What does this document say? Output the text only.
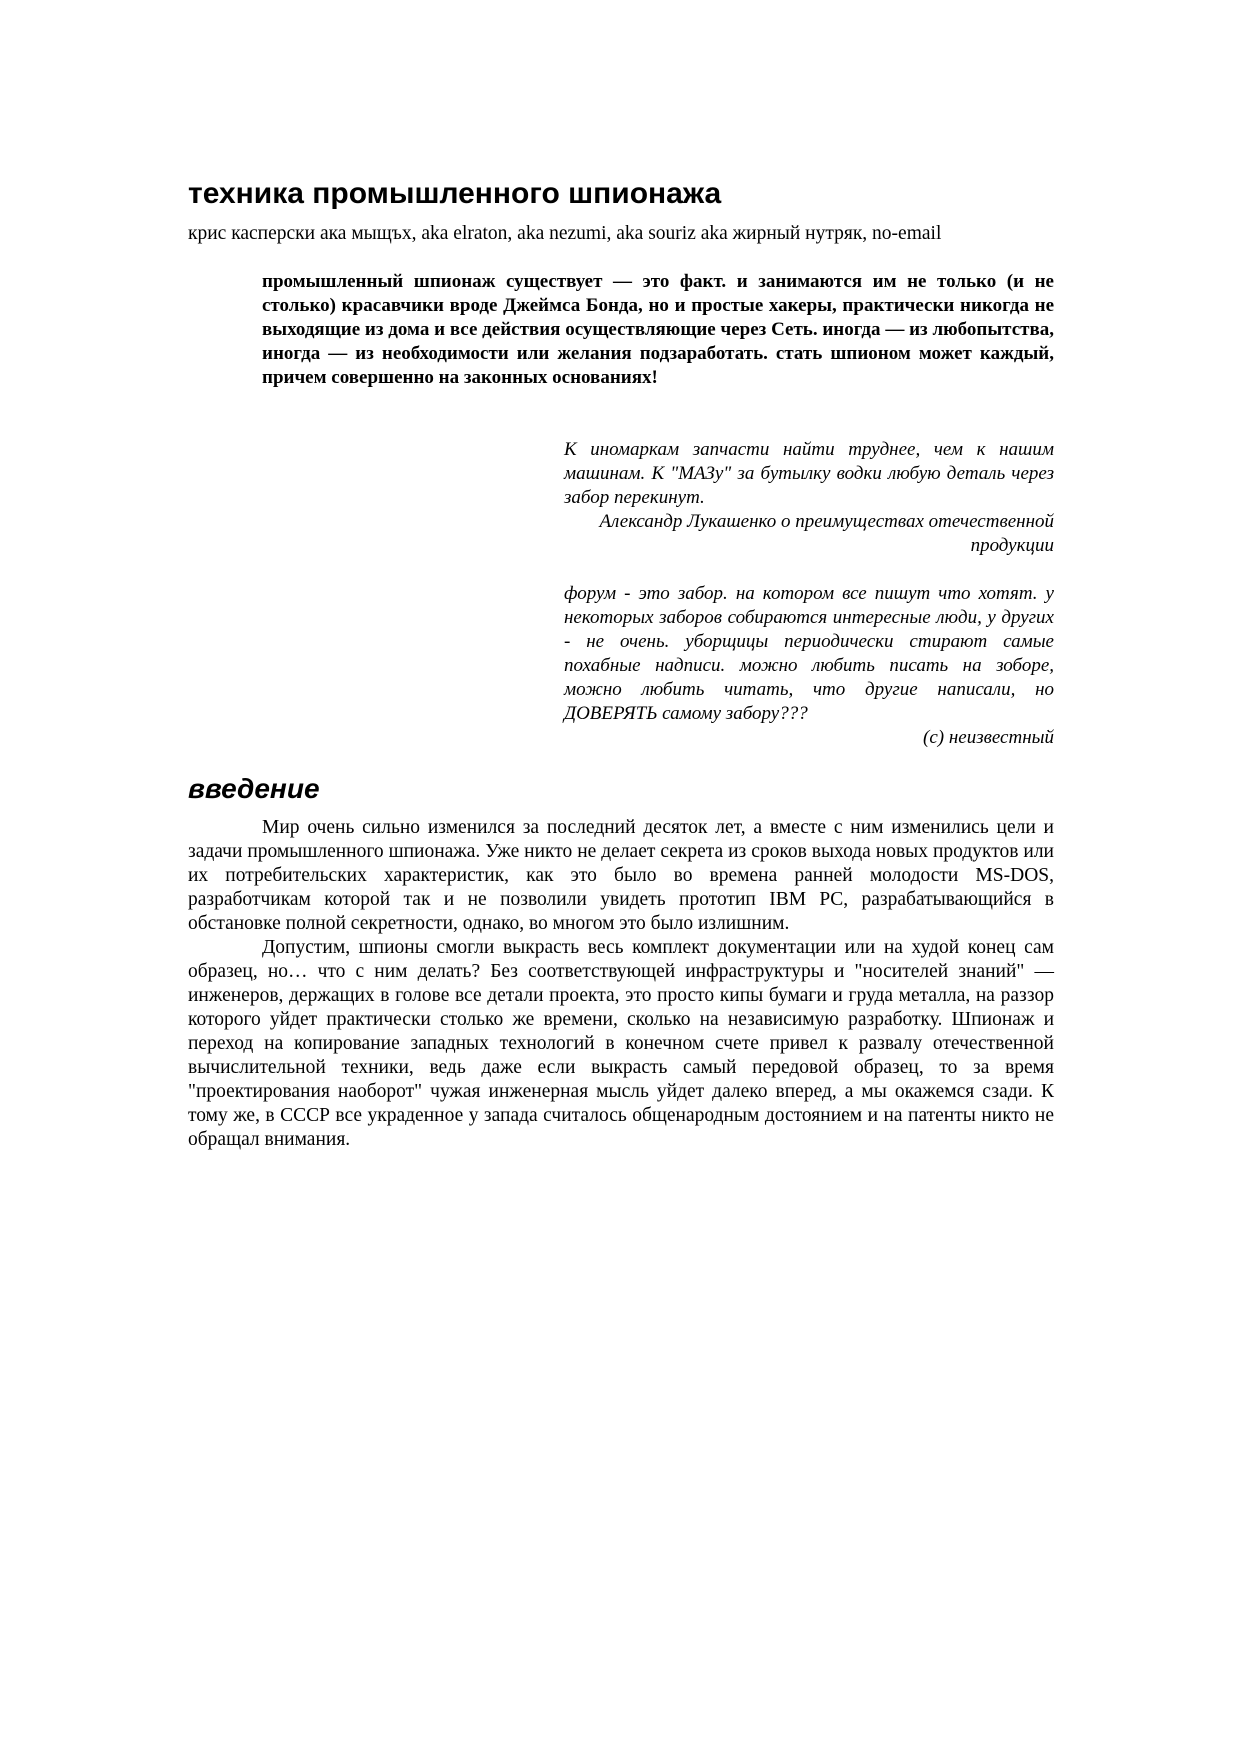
техника промышленного шпионажа

крис касперски ака мыщъх, aka elraton, aka nezumi, aka souriz aka жирный нутряк, no-email

промышленный шпионаж существует — это факт. и занимаются им не только (и не столько) красавчики вроде Джеймса Бонда, но и простые хакеры, практически никогда не выходящие из дома и все действия осуществляющие через Сеть. иногда — из любопытства, иногда — из необходимости или желания подзаработать. стать шпионом может каждый, причем совершенно на законных основаниях!

К иномаркам запчасти найти труднее, чем к нашим машинам. К "МАЗу" за бутылку водки любую деталь через забор перекинут.

Александр Лукашенко о преимуществах отечественной продукции

форум - это забор. на котором все пишут что хотят. у некоторых заборов собираются интересные люди, у других - не очень. уборщицы периодически стирают самые похабные надписи. можно любить писать на зоборе, можно любить читать, что другие написали, но ДОВЕРЯТЬ самому забору???

(c) неизвестный

введение

Мир очень сильно изменился за последний десяток лет, а вместе с ним изменились цели и задачи промышленного шпионажа. Уже никто не делает секрета из сроков выхода новых продуктов или их потребительских характеристик, как это было во времена ранней молодости MS-DOS, разработчикам которой так и не позволили увидеть прототип IBM PC, разрабатывающийся в обстановке полной секретности, однако, во многом это было излишним.

Допустим, шпионы смогли выкрасть весь комплект документации или на худой конец сам образец, но… что с ним делать? Без соответствующей инфраструктуры и "носителей знаний" — инженеров, держащих в голове все детали проекта, это просто кипы бумаги и груда металла, на раззор которого уйдет практически столько же времени, сколько на независимую разработку. Шпионаж и переход на копирование западных технологий в конечном счете привел к развалу отечественной вычислительной техники, ведь даже если выкрасть самый передовой образец, то за время "проектирования наоборот" чужая инженерная мысль уйдет далеко вперед, а мы окажемся сзади. К тому же, в СССР все украденное у запада считалось общенародным достоянием и на патенты никто не обращал внимания.
